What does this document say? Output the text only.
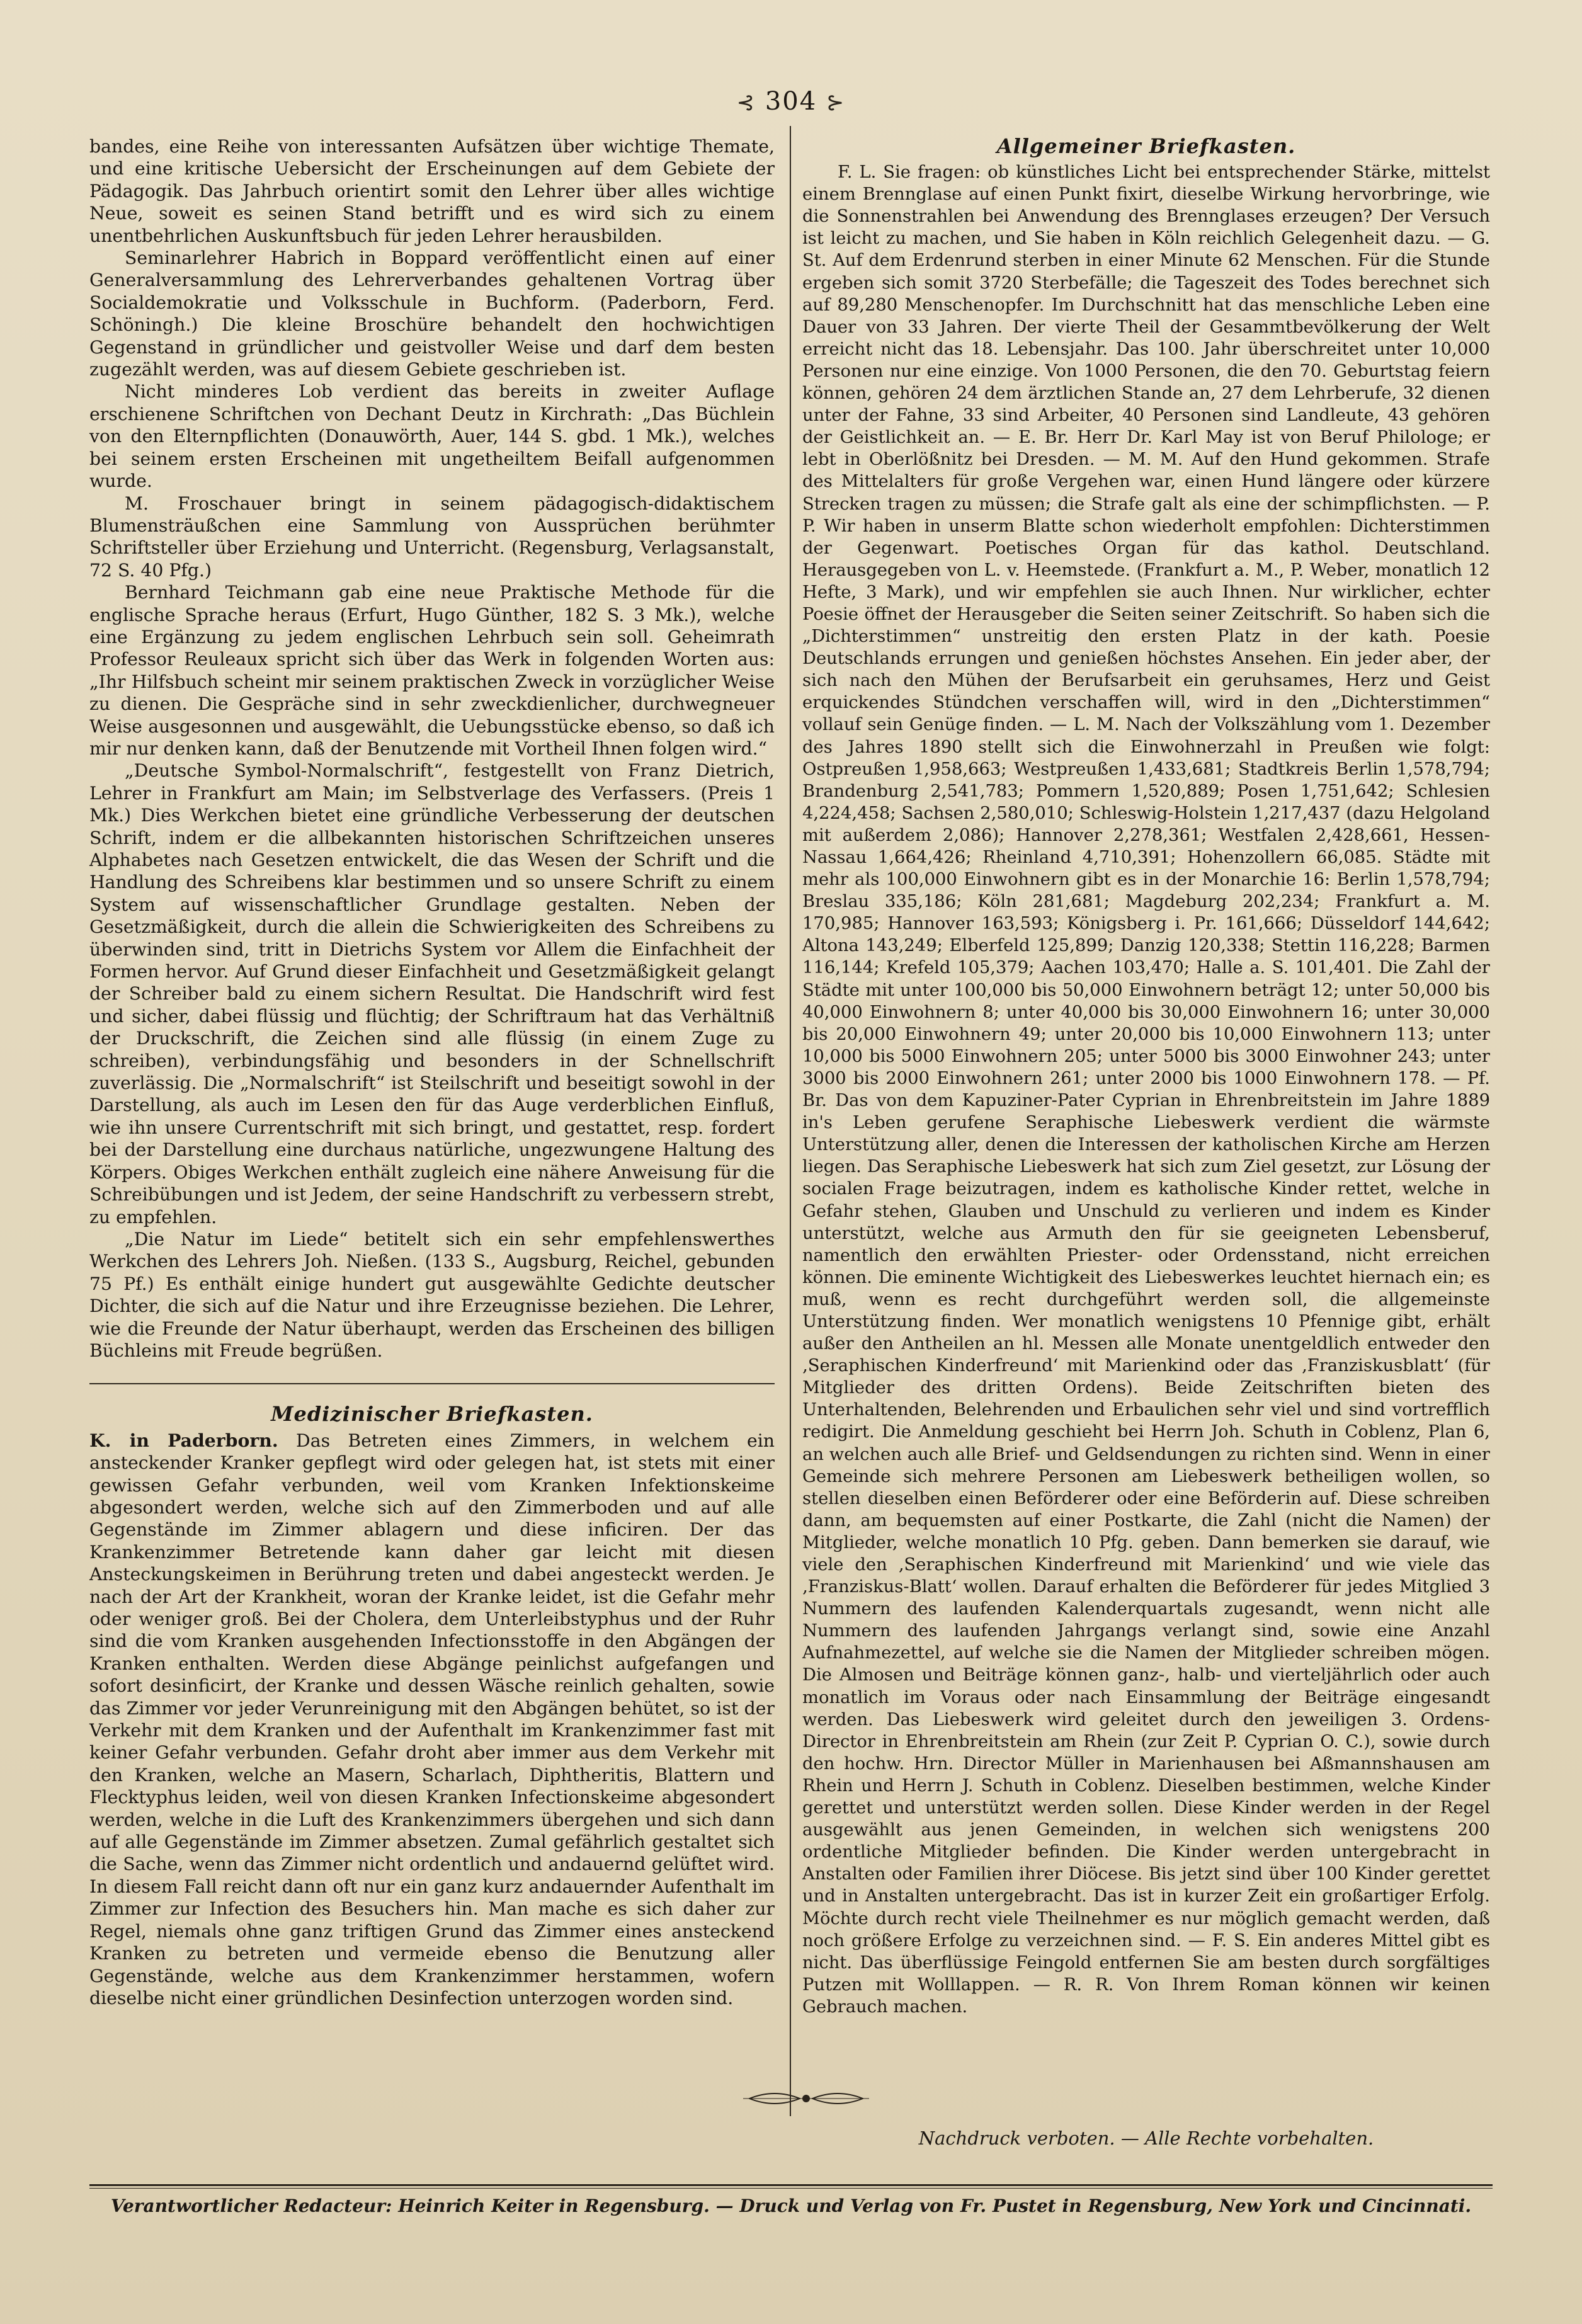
⊰ 304 ⊱

bandes, eine Reihe von interessanten Aufsätzen über wichtige Themate, und eine kritische Uebersicht der Erscheinungen auf dem Gebiete der Pädagogik. Das Jahrbuch orientirt somit den Lehrer über alles wichtige Neue, soweit es seinen Stand betrifft und es wird sich zu einem unentbehrlichen Auskunftsbuch für jeden Lehrer herausbilden.

Seminarlehrer Habrich in Boppard veröffentlicht einen auf einer Generalversammlung des Lehrerverbandes gehaltenen Vortrag über Socialdemokratie und Volksschule in Buchform. (Paderborn, Ferd. Schöningh.) Die kleine Broschüre behandelt den hochwichtigen Gegenstand in gründlicher und geistvoller Weise und darf dem besten zugezählt werden, was auf diesem Gebiete geschrieben ist.

Nicht minderes Lob verdient das bereits in zweiter Auflage erschienene Schriftchen von Dechant Deutz in Kirchrath: „Das Büchlein von den Elternpflichten (Donauwörth, Auer, 144 S. gbd. 1 Mk.), welches bei seinem ersten Erscheinen mit ungetheiltem Beifall aufgenommen wurde.

M. Froschauer bringt in seinem pädagogisch-didaktischem Blumensträußchen eine Sammlung von Aussprüchen berühmter Schriftsteller über Erziehung und Unterricht. (Regensburg, Verlagsanstalt, 72 S. 40 Pfg.)

Bernhard Teichmann gab eine neue Praktische Methode für die englische Sprache heraus (Erfurt, Hugo Günther, 182 S. 3 Mk.), welche eine Ergänzung zu jedem englischen Lehrbuch sein soll. Geheimrath Professor Reuleaux spricht sich über das Werk in folgenden Worten aus: „Ihr Hilfsbuch scheint mir seinem praktischen Zweck in vorzüglicher Weise zu dienen. Die Gespräche sind in sehr zweckdienlicher, durchwegneuer Weise ausgesonnen und ausgewählt, die Uebungsstücke ebenso, so daß ich mir nur denken kann, daß der Benutzende mit Vortheil Ihnen folgen wird.“

„Deutsche Symbol-Normalschrift“, festgestellt von Franz Dietrich, Lehrer in Frankfurt am Main; im Selbstverlage des Verfassers. (Preis 1 Mk.) Dies Werkchen bietet eine gründliche Verbesserung der deutschen Schrift, indem er die allbekannten historischen Schriftzeichen unseres Alphabetes nach Gesetzen entwickelt, die das Wesen der Schrift und die Handlung des Schreibens klar bestimmen und so unsere Schrift zu einem System auf wissenschaftlicher Grundlage gestalten. Neben der Gesetzmäßigkeit, durch die allein die Schwierigkeiten des Schreibens zu überwinden sind, tritt in Dietrichs System vor Allem die Einfachheit der Formen hervor. Auf Grund dieser Einfachheit und Gesetzmäßigkeit gelangt der Schreiber bald zu einem sichern Resultat. Die Handschrift wird fest und sicher, dabei flüssig und flüchtig; der Schriftraum hat das Verhältniß der Druckschrift, die Zeichen sind alle flüssig (in einem Zuge zu schreiben), verbindungsfähig und besonders in der Schnellschrift zuverlässig. Die „Normalschrift“ ist Steilschrift und beseitigt sowohl in der Darstellung, als auch im Lesen den für das Auge verderblichen Einfluß, wie ihn unsere Currentschrift mit sich bringt, und gestattet, resp. fordert bei der Darstellung eine durchaus natürliche, ungezwungene Haltung des Körpers. Obiges Werkchen enthält zugleich eine nähere Anweisung für die Schreibübungen und ist Jedem, der seine Handschrift zu verbessern strebt, zu empfehlen.

„Die Natur im Liede“ betitelt sich ein sehr empfehlenswerthes Werkchen des Lehrers Joh. Nießen. (133 S., Augsburg, Reichel, gebunden 75 Pf.) Es enthält einige hundert gut ausgewählte Gedichte deutscher Dichter, die sich auf die Natur und ihre Erzeugnisse beziehen. Die Lehrer, wie die Freunde der Natur überhaupt, werden das Erscheinen des billigen Büchleins mit Freude begrüßen.

Medizinischer Briefkasten.

K. in Paderborn. Das Betreten eines Zimmers, in welchem ein ansteckender Kranker gepflegt wird oder gelegen hat, ist stets mit einer gewissen Gefahr verbunden, weil vom Kranken Infektionskeime abgesondert werden, welche sich auf den Zimmerboden und auf alle Gegenstände im Zimmer ablagern und diese inficiren. Der das Krankenzimmer Betretende kann daher gar leicht mit diesen Ansteckungskeimen in Berührung treten und dabei angesteckt werden. Je nach der Art der Krankheit, woran der Kranke leidet, ist die Gefahr mehr oder weniger groß. Bei der Cholera, dem Unterleibstyphus und der Ruhr sind die vom Kranken ausgehenden Infectionsstoffe in den Abgängen der Kranken enthalten. Werden diese Abgänge peinlichst aufgefangen und sofort desinficirt, der Kranke und dessen Wäsche reinlich gehalten, sowie das Zimmer vor jeder Verunreinigung mit den Abgängen behütet, so ist der Verkehr mit dem Kranken und der Aufenthalt im Krankenzimmer fast mit keiner Gefahr verbunden. Gefahr droht aber immer aus dem Verkehr mit den Kranken, welche an Masern, Scharlach, Diphtheritis, Blattern und Flecktyphus leiden, weil von diesen Kranken Infectionskeime abgesondert werden, welche in die Luft des Krankenzimmers übergehen und sich dann auf alle Gegenstände im Zimmer absetzen. Zumal gefährlich gestaltet sich die Sache, wenn das Zimmer nicht ordentlich und andauernd gelüftet wird. In diesem Fall reicht dann oft nur ein ganz kurz andauernder Aufenthalt im Zimmer zur Infection des Besuchers hin. Man mache es sich daher zur Regel, niemals ohne ganz triftigen Grund das Zimmer eines ansteckend Kranken zu betreten und vermeide ebenso die Benutzung aller Gegenstände, welche aus dem Krankenzimmer herstammen, wofern dieselbe nicht einer gründlichen Desinfection unterzogen worden sind.

Allgemeiner Briefkasten.

F. L. Sie fragen: ob künstliches Licht bei entsprechender Stärke, mittelst einem Brennglase auf einen Punkt fixirt, dieselbe Wirkung hervorbringe, wie die Sonnenstrahlen bei Anwendung des Brennglases erzeugen? Der Versuch ist leicht zu machen, und Sie haben in Köln reichlich Gelegenheit dazu. — G. St. Auf dem Erdenrund sterben in einer Minute 62 Menschen. Für die Stunde ergeben sich somit 3720 Sterbefälle; die Tageszeit des Todes berechnet sich auf 89,280 Menschenopfer. Im Durchschnitt hat das menschliche Leben eine Dauer von 33 Jahren. Der vierte Theil der Gesammtbevölkerung der Welt erreicht nicht das 18. Lebensjahr. Das 100. Jahr überschreitet unter 10,000 Personen nur eine einzige. Von 1000 Personen, die den 70. Geburtstag feiern können, gehören 24 dem ärztlichen Stande an, 27 dem Lehrberufe, 32 dienen unter der Fahne, 33 sind Arbeiter, 40 Personen sind Landleute, 43 gehören der Geistlichkeit an. — E. Br. Herr Dr. Karl May ist von Beruf Philologe; er lebt in Oberlößnitz bei Dresden. — M. M. Auf den Hund gekommen. Strafe des Mittelalters für große Vergehen war, einen Hund längere oder kürzere Strecken tragen zu müssen; die Strafe galt als eine der schimpflichsten. — P. P. Wir haben in unserm Blatte schon wiederholt empfohlen: Dichterstimmen der Gegenwart. Poetisches Organ für das kathol. Deutschland. Herausgegeben von L. v. Heemstede. (Frankfurt a. M., P. Weber, monatlich 12 Hefte, 3 Mark), und wir empfehlen sie auch Ihnen. Nur wirklicher, echter Poesie öffnet der Herausgeber die Seiten seiner Zeitschrift. So haben sich die „Dichterstimmen“ unstreitig den ersten Platz in der kath. Poesie Deutschlands errungen und genießen höchstes Ansehen. Ein jeder aber, der sich nach den Mühen der Berufsarbeit ein geruhsames, Herz und Geist erquickendes Stündchen verschaffen will, wird in den „Dichterstimmen“ vollauf sein Genüge finden. — L. M. Nach der Volkszählung vom 1. Dezember des Jahres 1890 stellt sich die Einwohnerzahl in Preußen wie folgt: Ostpreußen 1,958,663; Westpreußen 1,433,681; Stadtkreis Berlin 1,578,794; Brandenburg 2,541,783; Pommern 1,520,889; Posen 1,751,642; Schlesien 4,224,458; Sachsen 2,580,010; Schleswig-Holstein 1,217,437 (dazu Helgoland mit außerdem 2,086); Hannover 2,278,361; Westfalen 2,428,661, Hessen-Nassau 1,664,426; Rheinland 4,710,391; Hohenzollern 66,085. Städte mit mehr als 100,000 Einwohnern gibt es in der Monarchie 16: Berlin 1,578,794; Breslau 335,186; Köln 281,681; Magdeburg 202,234; Frankfurt a. M. 170,985; Hannover 163,593; Königsberg i. Pr. 161,666; Düsseldorf 144,642; Altona 143,249; Elberfeld 125,899; Danzig 120,338; Stettin 116,228; Barmen 116,144; Krefeld 105,379; Aachen 103,470; Halle a. S. 101,401. Die Zahl der Städte mit unter 100,000 bis 50,000 Einwohnern beträgt 12; unter 50,000 bis 40,000 Einwohnern 8; unter 40,000 bis 30,000 Einwohnern 16; unter 30,000 bis 20,000 Einwohnern 49; unter 20,000 bis 10,000 Einwohnern 113; unter 10,000 bis 5000 Einwohnern 205; unter 5000 bis 3000 Einwohner 243; unter 3000 bis 2000 Einwohnern 261; unter 2000 bis 1000 Einwohnern 178. — Pf. Br. Das von dem Kapuziner-Pater Cyprian in Ehrenbreitstein im Jahre 1889 in's Leben gerufene Seraphische Liebeswerk verdient die wärmste Unterstützung aller, denen die Interessen der katholischen Kirche am Herzen liegen. Das Seraphische Liebeswerk hat sich zum Ziel gesetzt, zur Lösung der socialen Frage beizutragen, indem es katholische Kinder rettet, welche in Gefahr stehen, Glauben und Unschuld zu verlieren und indem es Kinder unterstützt, welche aus Armuth den für sie geeigneten Lebensberuf, namentlich den erwählten Priester- oder Ordensstand, nicht erreichen können. Die eminente Wichtigkeit des Liebeswerkes leuchtet hiernach ein; es muß, wenn es recht durchgeführt werden soll, die allgemeinste Unterstützung finden. Wer monatlich wenigstens 10 Pfennige gibt, erhält außer den Antheilen an hl. Messen alle Monate unentgeldlich entweder den ‚Seraphischen Kinderfreund‘ mit Marienkind oder das ‚Franziskusblatt‘ (für Mitglieder des dritten Ordens). Beide Zeitschriften bieten des Unterhaltenden, Belehrenden und Erbaulichen sehr viel und sind vortrefflich redigirt. Die Anmeldung geschieht bei Herrn Joh. Schuth in Coblenz, Plan 6, an welchen auch alle Brief- und Geldsendungen zu richten sind. Wenn in einer Gemeinde sich mehrere Personen am Liebeswerk betheiligen wollen, so stellen dieselben einen Beförderer oder eine Beförderin auf. Diese schreiben dann, am bequemsten auf einer Postkarte, die Zahl (nicht die Namen) der Mitglieder, welche monatlich 10 Pfg. geben. Dann bemerken sie darauf, wie viele den ‚Seraphischen Kinderfreund mit Marienkind‘ und wie viele das ‚Franziskus-Blatt‘ wollen. Darauf erhalten die Beförderer für jedes Mitglied 3 Nummern des laufenden Kalenderquartals zugesandt, wenn nicht alle Nummern des laufenden Jahrgangs verlangt sind, sowie eine Anzahl Aufnahmezettel, auf welche sie die Namen der Mitglieder schreiben mögen. Die Almosen und Beiträge können ganz-, halb- und vierteljährlich oder auch monatlich im Voraus oder nach Einsammlung der Beiträge eingesandt werden. Das Liebeswerk wird geleitet durch den jeweiligen 3. Ordens-Director in Ehrenbreitstein am Rhein (zur Zeit P. Cyprian O. C.), sowie durch den hochw. Hrn. Director Müller in Marienhausen bei Aßmannshausen am Rhein und Herrn J. Schuth in Coblenz. Dieselben bestimmen, welche Kinder gerettet und unterstützt werden sollen. Diese Kinder werden in der Regel ausgewählt aus jenen Gemeinden, in welchen sich wenigstens 200 ordentliche Mitglieder befinden. Die Kinder werden untergebracht in Anstalten oder Familien ihrer Diöcese. Bis jetzt sind über 100 Kinder gerettet und in Anstalten untergebracht. Das ist in kurzer Zeit ein großartiger Erfolg. Möchte durch recht viele Theilnehmer es nur möglich gemacht werden, daß noch größere Erfolge zu verzeichnen sind. — F. S. Ein anderes Mittel gibt es nicht. Das überflüssige Feingold entfernen Sie am besten durch sorgfältiges Putzen mit Wolllappen. — R. R. Von Ihrem Roman können wir keinen Gebrauch machen.

Nachdruck verboten. — Alle Rechte vorbehalten.
Verantwortlicher Redacteur: Heinrich Keiter in Regensburg. — Druck und Verlag von Fr. Pustet in Regensburg, New York und Cincinnati.
